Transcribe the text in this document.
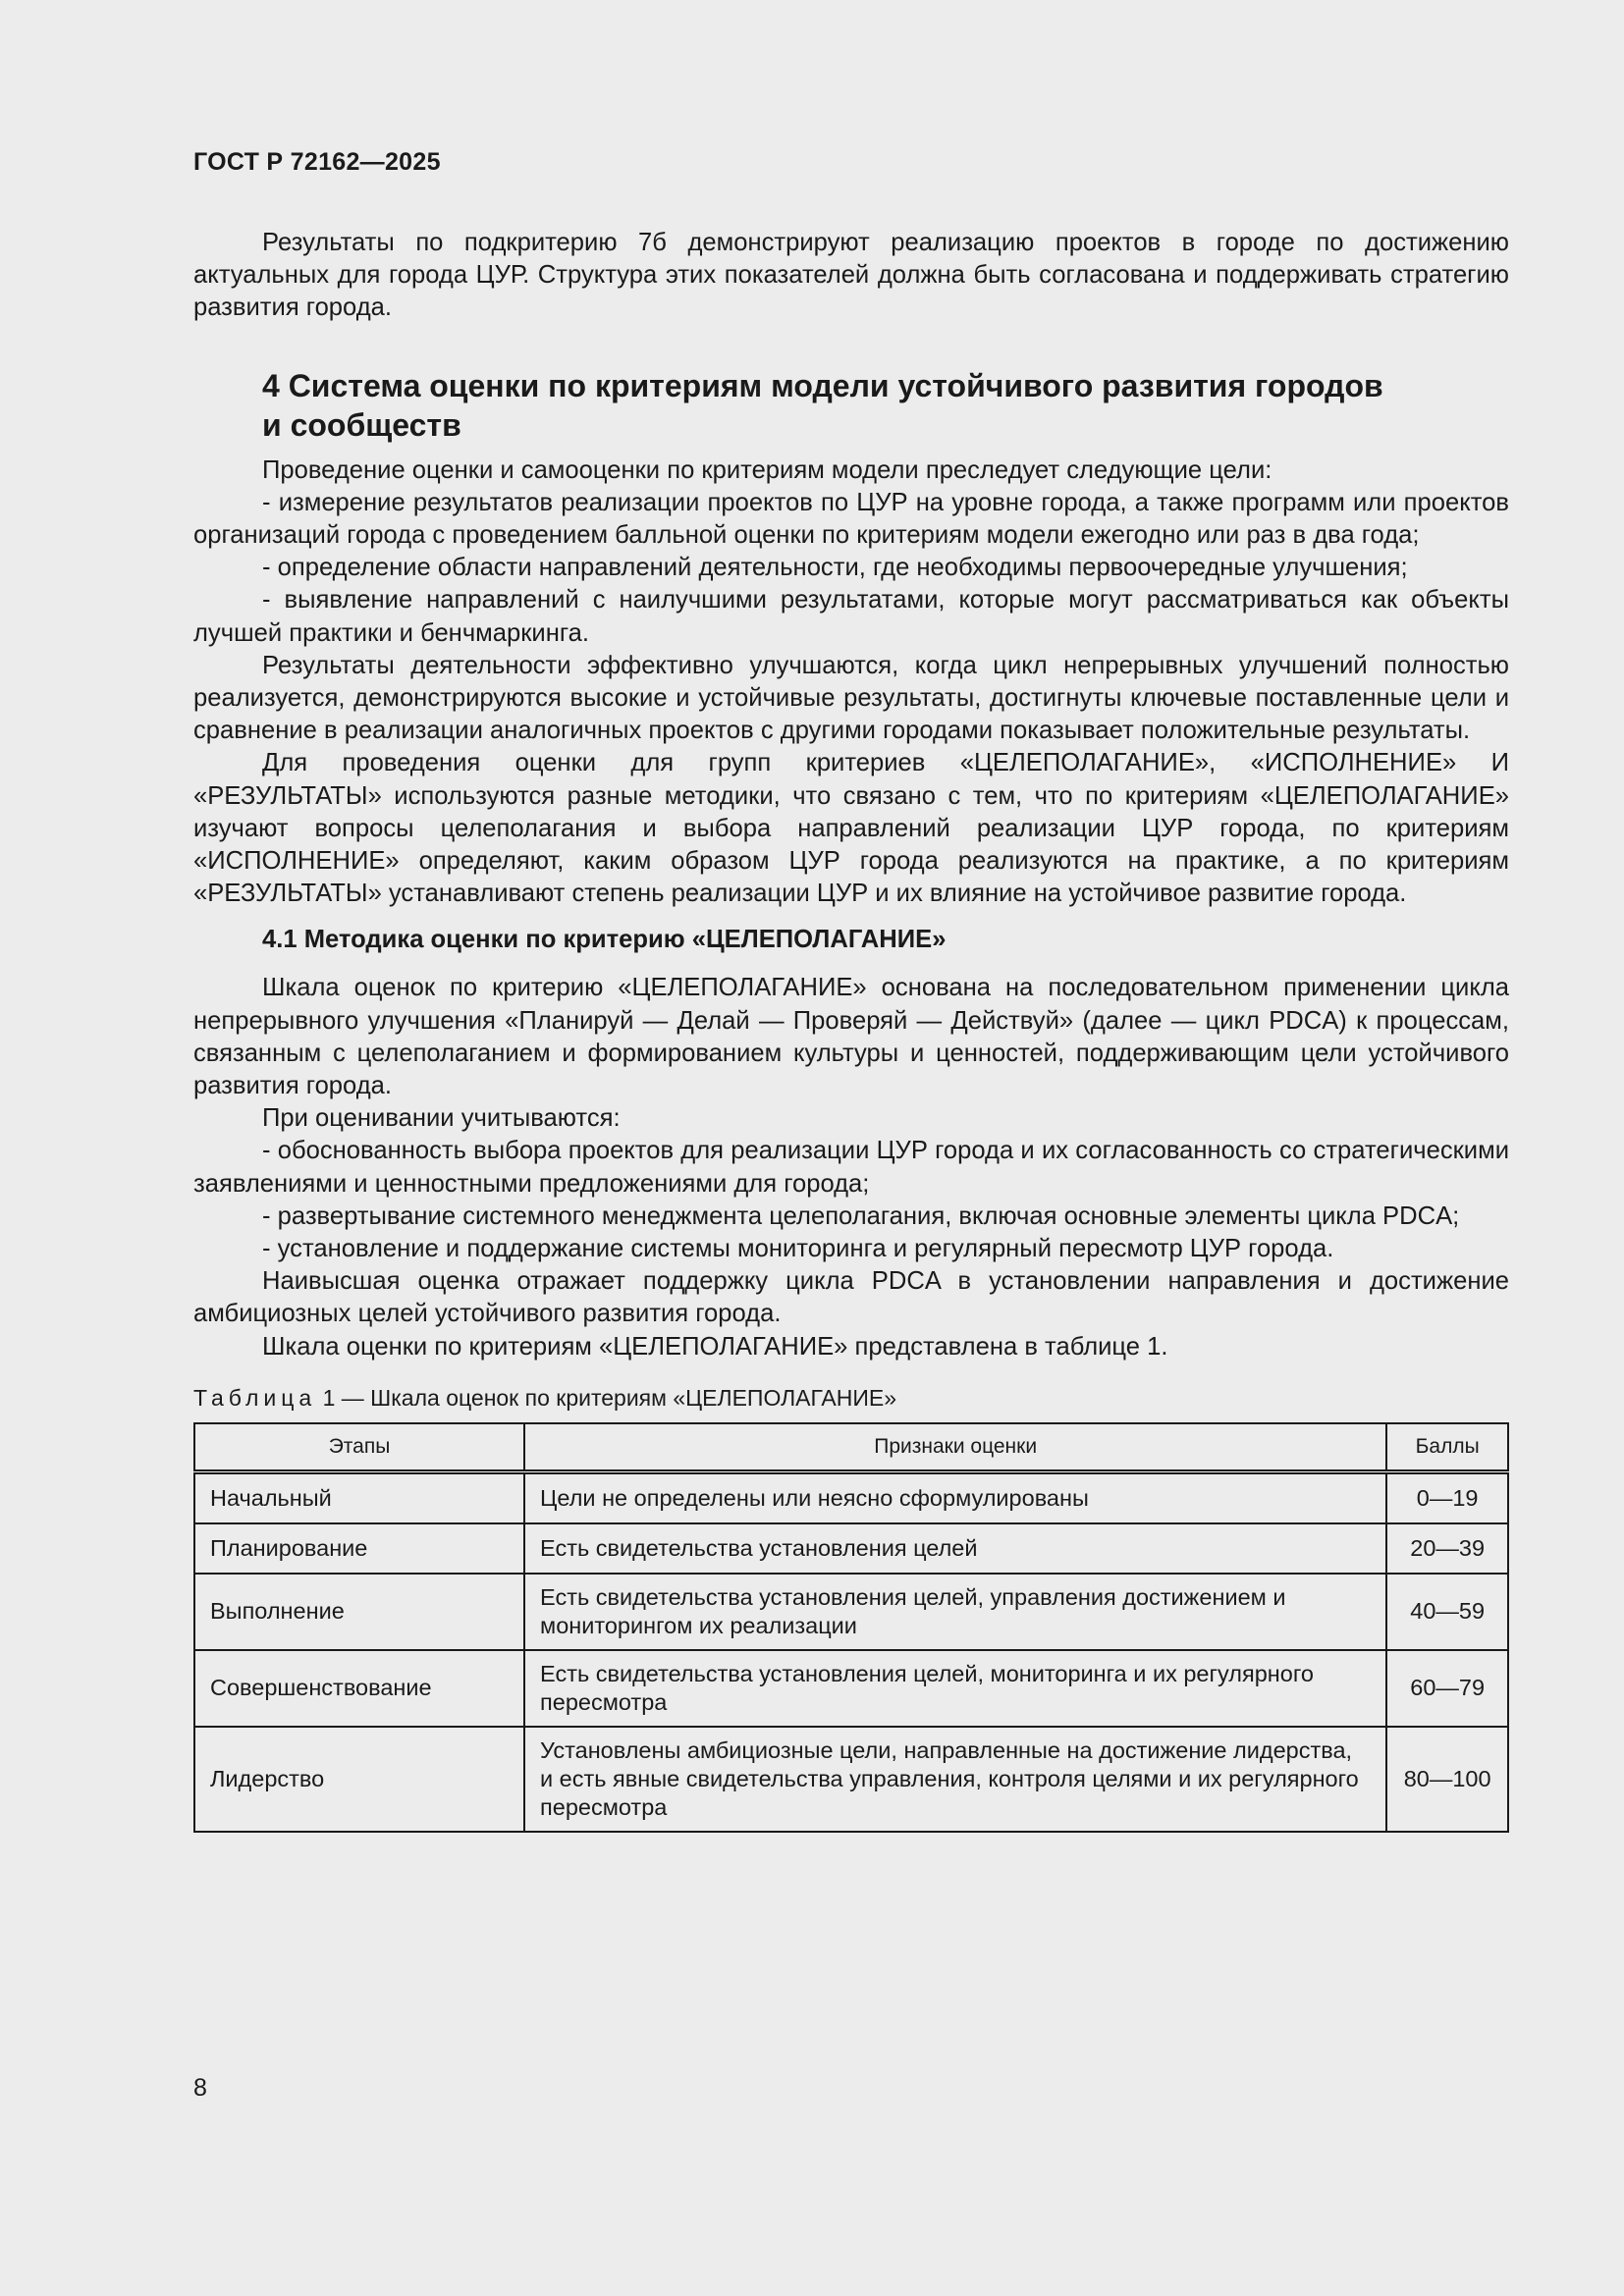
ГОСТ Р 72162—2025

Результаты по подкритерию 7б демонстрируют реализацию проектов в городе по достижению актуальных для города ЦУР. Структура этих показателей должна быть согласована и поддерживать стратегию развития города.

4 Система оценки по критериям модели устойчивого развития городов
и сообществ

Проведение оценки и самооценки по критериям модели преследует следующие цели:

- измерение результатов реализации проектов по ЦУР на уровне города, а также программ или проектов организаций города с проведением балльной оценки по критериям модели ежегодно или раз в два года;

- определение области направлений деятельности, где необходимы первоочередные улучшения;

- выявление направлений с наилучшими результатами, которые могут рассматриваться как объекты лучшей практики и бенчмаркинга.

Результаты деятельности эффективно улучшаются, когда цикл непрерывных улучшений полностью реализуется, демонстрируются высокие и устойчивые результаты, достигнуты ключевые поставленные цели и сравнение в реализации аналогичных проектов с другими городами показывает положительные результаты.

Для проведения оценки для групп критериев «ЦЕЛЕПОЛАГАНИЕ», «ИСПОЛНЕНИЕ» И

«РЕЗУЛЬТАТЫ» используются разные методики, что связано с тем, что по критериям «ЦЕЛЕПОЛАГАНИЕ» изучают вопросы целеполагания и выбора направлений реализации ЦУР города, по критериям «ИСПОЛНЕНИЕ» определяют, каким образом ЦУР города реализуются на практике, а по критериям «РЕЗУЛЬТАТЫ» устанавливают степень реализации ЦУР и их влияние на устойчивое развитие города.

4.1 Методика оценки по критерию «ЦЕЛЕПОЛАГАНИЕ»

Шкала оценок по критерию «ЦЕЛЕПОЛАГАНИЕ» основана на последовательном применении цикла непрерывного улучшения «Планируй — Делай — Проверяй — Действуй» (далее — цикл PDCA) к процессам, связанным с целеполаганием и формированием культуры и ценностей, поддерживающим цели устойчивого развития города.

При оценивании учитываются:

- обоснованность выбора проектов для реализации ЦУР города и их согласованность со стратегическими заявлениями и ценностными предложениями для города;

- развертывание системного менеджмента целеполагания, включая основные элементы цикла PDCA;

- установление и поддержание системы мониторинга и регулярный пересмотр ЦУР города.

Наивысшая оценка отражает поддержку цикла PDCA в установлении направления и достижение амбициозных целей устойчивого развития города.

Шкала оценки по критериям «ЦЕЛЕПОЛАГАНИЕ» представлена в таблице 1.

Таблица 1 — Шкала оценок по критериям «ЦЕЛЕПОЛАГАНИЕ»
Этапы	Признаки оценки	Баллы
Начальный	Цели не определены или неясно сформулированы	0—19
Планирование	Есть свидетельства установления целей	20—39
Выполнение	Есть свидетельства установления целей, управления достижением и мониторингом их реализации	40—59
Совершенствование	Есть свидетельства установления целей, мониторинга и их регулярного пересмотра	60—79
Лидерство	Установлены амбициозные цели, направленные на достижение лидерства, и есть явные свидетельства управления, контроля целями и их регулярного пересмотра	80—100
8
